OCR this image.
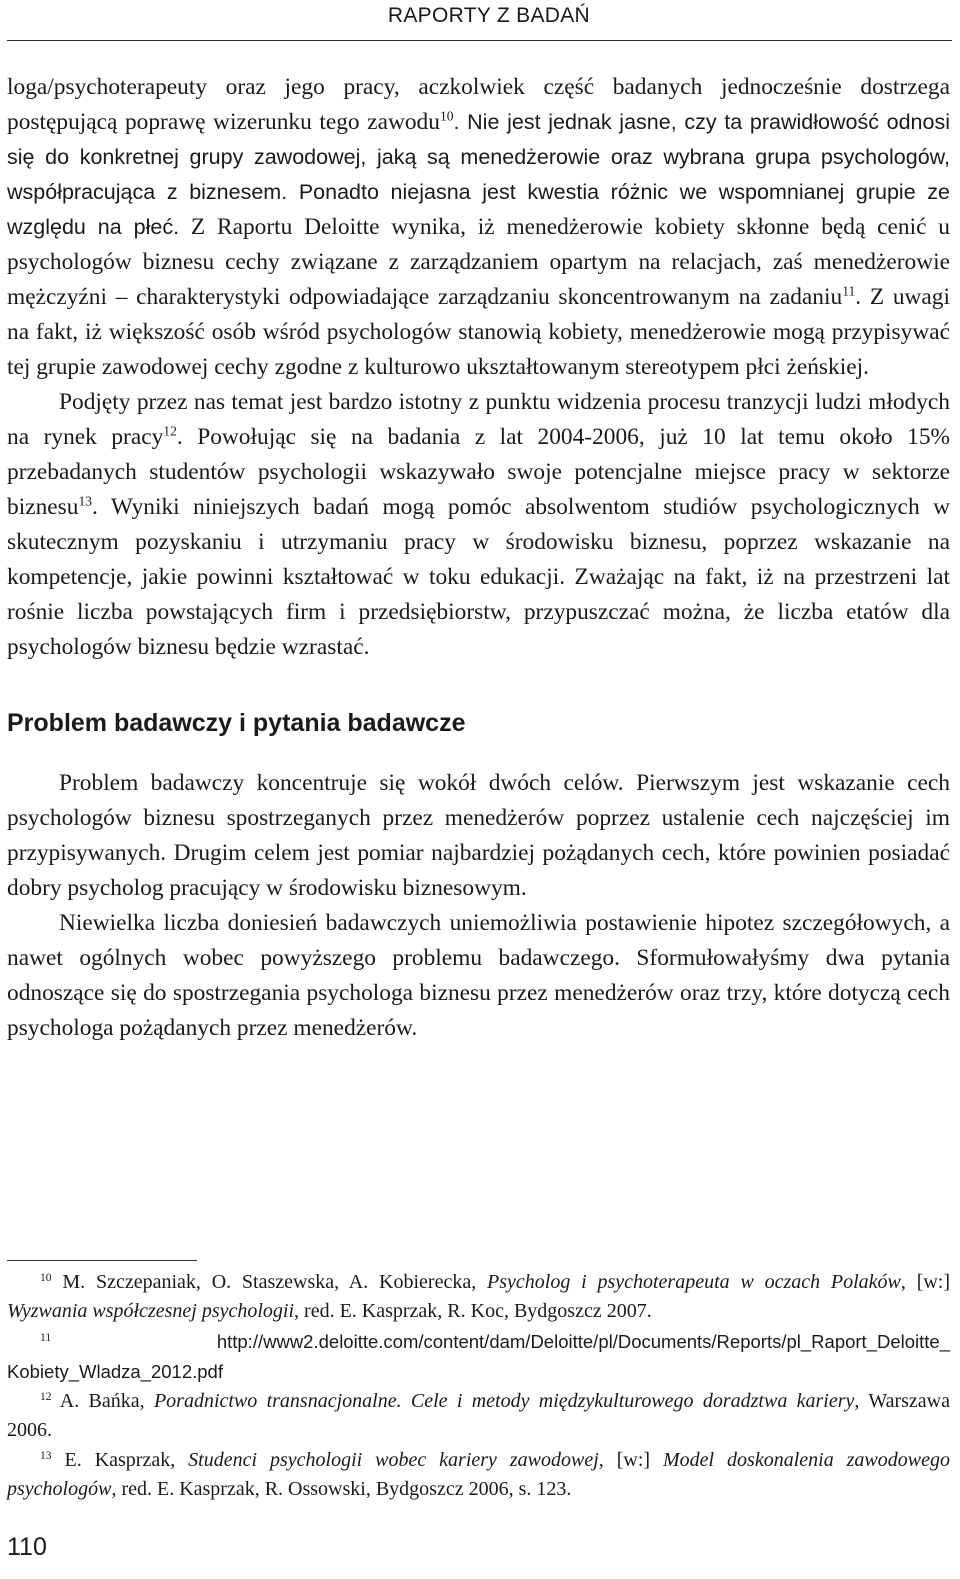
RAPORTY Z BADAŃ

loga/psychoterapeuty oraz jego pracy, aczkolwiek część badanych jednocześnie dostrzega postępującą poprawę wizerunku tego zawodu$^{10}$. Nie jest jednak jasne, czy ta prawidłowość odnosi się do konkretnej grupy zawodowej, jaką są menedżerowie oraz wybrana grupa psychologów, współpracująca z biznesem. Ponadto niejasna jest kwestia różnic we wspomnianej grupie ze względu na płeć. Z Raportu Deloitte wynika, iż menedżerowie kobiety skłonne będą cenić u psychologów biznesu cechy związane z zarządzaniem opartym na relacjach, zaś menedżerowie mężczyźni – charakterystyki odpowiadające zarządzaniu skoncentrowanym na zadaniu$^{11}$. Z uwagi na fakt, iż większość osób wśród psychologów stanowią kobiety, menedżerowie mogą przypisywać tej grupie zawodowej cechy zgodne z kulturowo ukształtowanym stereotypem płci żeńskiej.

Podjęty przez nas temat jest bardzo istotny z punktu widzenia procesu tranzycji ludzi młodych na rynek pracy$^{12}$. Powołując się na badania z lat 2004-2006, już 10 lat temu około 15% przebadanych studentów psychologii wskazywało swoje potencjalne miejsce pracy w sektorze biznesu$^{13}$. Wyniki niniejszych badań mogą pomóc absolwentom studiów psychologicznych w skutecznym pozyskaniu i utrzymaniu pracy w środowisku biznesu, poprzez wskazanie na kompetencje, jakie powinni kształtować w toku edukacji. Zważając na fakt, iż na przestrzeni lat rośnie liczba powstających firm i przedsiębiorstw, przypuszczać można, że liczba etatów dla psychologów biznesu będzie wzrastać.

Problem badawczy i pytania badawcze

Problem badawczy koncentruje się wokół dwóch celów. Pierwszym jest wskazanie cech psychologów biznesu spostrzeganych przez menedżerów poprzez ustalenie cech najczęściej im przypisywanych. Drugim celem jest pomiar najbardziej pożądanych cech, które powinien posiadać dobry psycholog pracujący w środowisku biznesowym.

Niewielka liczba doniesień badawczych uniemożliwia postawienie hipotez szczegółowych, a nawet ogólnych wobec powyższego problemu badawczego. Sformułowałyśmy dwa pytania odnoszące się do spostrzegania psychologa biznesu przez menedżerów oraz trzy, które dotyczą cech psychologa pożądanych przez menedżerów.

$^{10}$ M. Szczepaniak, O. Staszewska, A. Kobierecka, Psycholog i psychoterapeuta w oczach Polaków, [w:] Wyzwania współczesnej psychologii, red. E. Kasprzak, R. Koc, Bydgoszcz 2007.

$^{11}$ http://www2.deloitte.com/content/dam/Deloitte/pl/Documents/Reports/pl_Raport_Deloitte_ Kobiety_Wladza_2012.pdf

$^{12}$ A. Bańka, Poradnictwo transnacjonalne. Cele i metody międzykulturowego doradztwa kariery, Warszawa 2006.

$^{13}$ E. Kasprzak, Studenci psychologii wobec kariery zawodowej, [w:] Model doskonalenia zawodowego psychologów, red. E. Kasprzak, R. Ossowski, Bydgoszcz 2006, s. 123.

110
